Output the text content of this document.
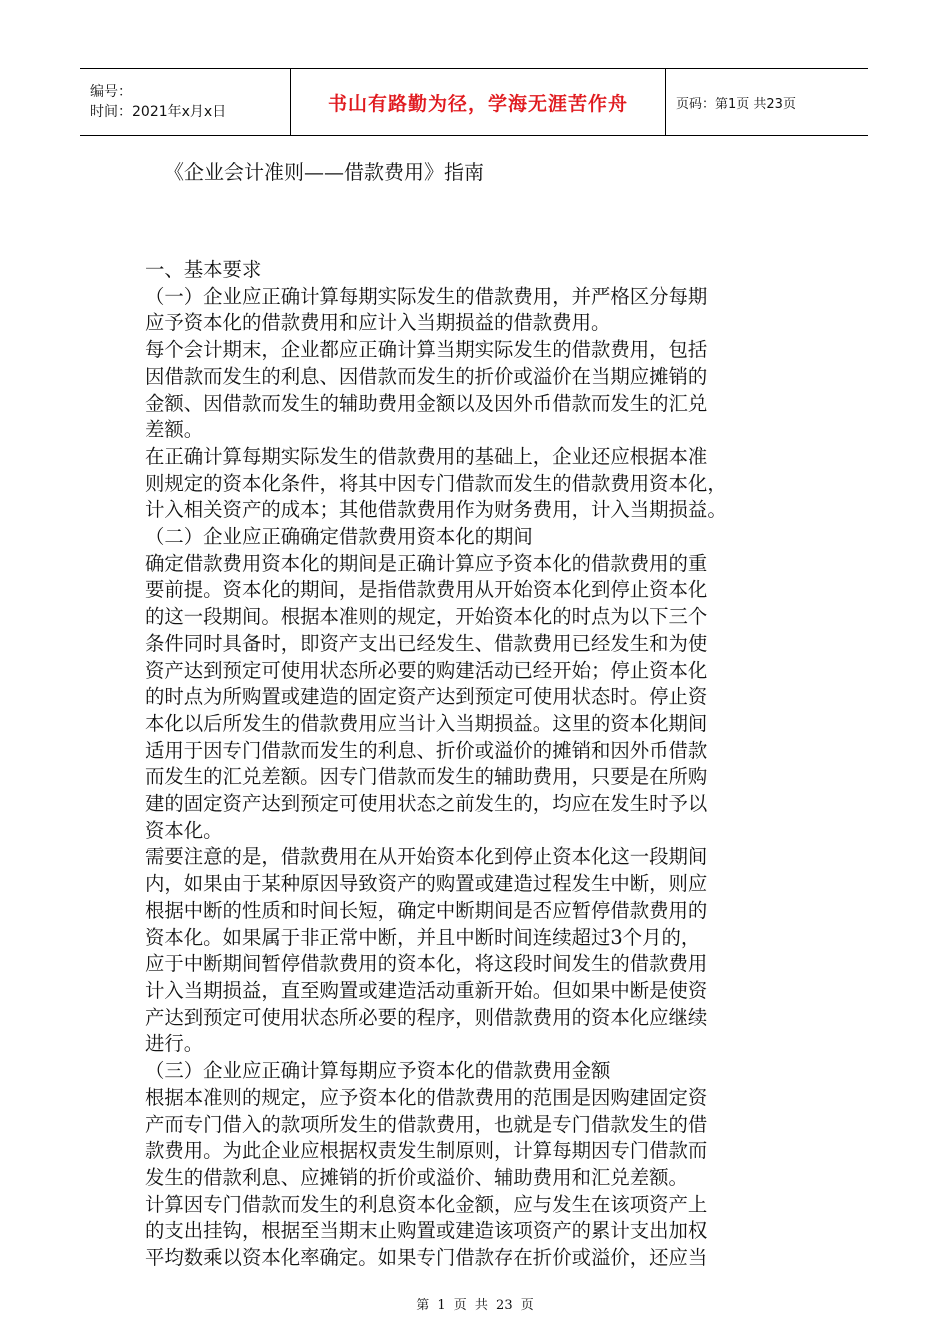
编号：
时间：2021年x月x日	书山有路勤为径，学海无涯苦作舟	页码：第1页 共23页
《企业会计准则——借款费用》指南

一、基本要求

（一）企业应正确计算每期实际发生的借款费用，并严格区分每期

应予资本化的借款费用和应计入当期损益的借款费用。

每个会计期末，企业都应正确计算当期实际发生的借款费用，包括

因借款而发生的利息、因借款而发生的折价或溢价在当期应摊销的

金额、因借款而发生的辅助费用金额以及因外币借款而发生的汇兑

差额。

在正确计算每期实际发生的借款费用的基础上，企业还应根据本准

则规定的资本化条件，将其中因专门借款而发生的借款费用资本化，

计入相关资产的成本；其他借款费用作为财务费用，计入当期损益。

（二）企业应正确确定借款费用资本化的期间

确定借款费用资本化的期间是正确计算应予资本化的借款费用的重

要前提。资本化的期间，是指借款费用从开始资本化到停止资本化

的这一段期间。根据本准则的规定，开始资本化的时点为以下三个

条件同时具备时，即资产支出已经发生、借款费用已经发生和为使

资产达到预定可使用状态所必要的购建活动已经开始；停止资本化

的时点为所购置或建造的固定资产达到预定可使用状态时。停止资

本化以后所发生的借款费用应当计入当期损益。这里的资本化期间

适用于因专门借款而发生的利息、折价或溢价的摊销和因外币借款

而发生的汇兑差额。因专门借款而发生的辅助费用，只要是在所购

建的固定资产达到预定可使用状态之前发生的，均应在发生时予以

资本化。

需要注意的是，借款费用在从开始资本化到停止资本化这一段期间

内，如果由于某种原因导致资产的购置或建造过程发生中断，则应

根据中断的性质和时间长短，确定中断期间是否应暂停借款费用的

资本化。如果属于非正常中断，并且中断时间连续超过3个月的，

应于中断期间暂停借款费用的资本化，将这段时间发生的借款费用

计入当期损益，直至购置或建造活动重新开始。但如果中断是使资

产达到预定可使用状态所必要的程序，则借款费用的资本化应继续

进行。

（三）企业应正确计算每期应予资本化的借款费用金额

根据本准则的规定，应予资本化的借款费用的范围是因购建固定资

产而专门借入的款项所发生的借款费用，也就是专门借款发生的借

款费用。为此企业应根据权责发生制原则，计算每期因专门借款而

发生的借款利息、应摊销的折价或溢价、辅助费用和汇兑差额。

计算因专门借款而发生的利息资本化金额，应与发生在该项资产上

的支出挂钩，根据至当期末止购置或建造该项资产的累计支出加权

平均数乘以资本化率确定。如果专门借款存在折价或溢价，还应当

第 1 页 共 23 页
